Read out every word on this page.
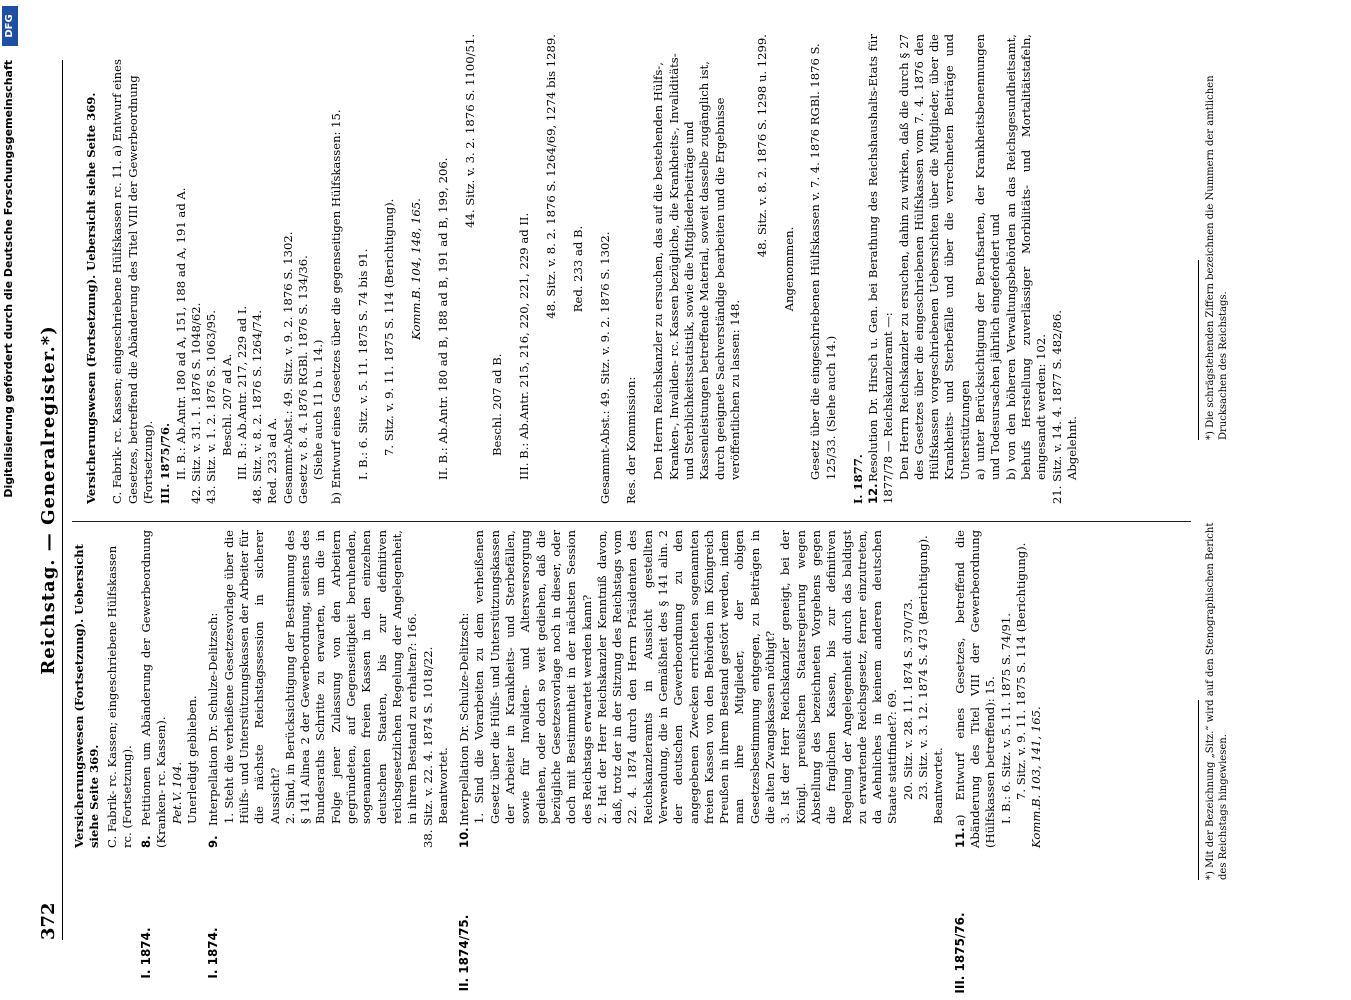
Digitalisierung gefördert durch die Deutsche Forschungsgemeinschaft
DFG
372
Reichstag. — Generalregister.*)

Versicherungswesen (Fortsetzung). Uebersicht siehe Seite 369. C. Fabrik- rc. Kassen; eingeschriebene Hülfskassen rc. (Fortsetzung).

I. 1874.

8.Petitionen um Abänderung der Gewerbeordnung (Kranken- rc. Kassen). Pet.V. 104. Unerledigt geblieben.

I. 1874.

9.Interpellation Dr. Schulze-Delitzsch: 1. Steht die verheißene Gesetzesvorlage über die Hülfs- und Unterstützungskassen der Arbeiter für die nächste Reichstagssession in sicherer Aussicht? 2. Sind, in Berücksichtigung der Bestimmung des § 141 Alinea 2 der Gewerbeordnung, seitens des Bundesraths Schritte zu erwarten, um die in Folge jener Zulassung von den Arbeitern gegründeten, auf Gegenseitigkeit beruhenden, sogenannten freien Kassen in den einzelnen deutschen Staaten, bis zur definitiven reichsgesetzlichen Regelung der Angelegenheit, in ihrem Bestand zu erhalten?: 166. 38. Sitz. v. 22. 4. 1874 S. 1018/22. Beantwortet.

II. 1874/75.

10.Interpellation Dr. Schulze-Delitzsch: 1. Sind die Vorarbeiten zu dem verheißenen Gesetz über die Hülfs- und Unterstützungskassen der Arbeiter in Krankheits- und Sterbefällen, sowie für Invaliden- und Altersversorgung gediehen, oder doch so weit gediehen, daß die bezügliche Gesetzesvorlage noch in dieser, oder doch mit Bestimmtheit in der nächsten Session des Reichstags erwartet werden kann? 2. Hat der Herr Reichskanzler Kenntniß davon, daß, trotz der in der Sitzung des Reichstags vom 22. 4. 1874 durch den Herrn Präsidenten des Reichskanzleramts in Aussicht gestellten Verwendung, die in Gemäßheit des § 141 alin. 2 der deutschen Gewerbeordnung zu den angegebenen Zwecken errichteten sogenannten freien Kassen von den Behörden im Königreich Preußen in ihrem Bestand gestört werden, indem man ihre Mitglieder, der obigen Gesetzesbestimmung entgegen, zu Beiträgen in die alten Zwangskassen nöthigt? 3. Ist der Herr Reichskanzler geneigt, bei der Königl. preußischen Staatsregierung wegen Abstellung des bezeichneten Vorgehens gegen die fraglichen Kassen, bis zur definitiven Regelung der Angelegenheit durch das baldigst zu erwartende Reichsgesetz, ferner einzutreten, da Aehnliches in keinem anderen deutschen Staate stattfindet?: 69. 20. Sitz. v. 28. 11. 1874 S. 370/73. 23. Sitz. v. 3. 12. 1874 S. 473 (Berichtigung). Beantwortet.

III. 1875/76.

11.a) Entwurf eines Gesetzes, betreffend die Abänderung des Titel VIII der Gewerbeordnung (Hülfskassen betreffend): 15. I. B.: 6. Sitz. v. 5. 11. 1875 S. 74/91. 7. Sitz. v. 9. 11. 1875 S. 114 (Berichtigung). Komm.B. 103, 141, 165.

Versicherungswesen (Fortsetzung). Uebersicht siehe Seite 369. C. Fabrik- rc. Kassen; eingeschriebene Hülfskassen rc. 11. a) Entwurf eines Gesetzes, betreffend die Abänderung des Titel VIII der Gewerbeordnung (Fortsetzung). III. 1875/76. II. B.: Ab.Antr. 180 ad A, 151, 188 ad A, 191 ad A. 42. Sitz. v. 31. 1. 1876 S. 1048/62. 43. Sitz. v. 1. 2. 1876 S. 1063/95. Beschl. 207 ad A. III. B.: Ab.Antr. 217, 229 ad I. 48. Sitz. v. 8. 2. 1876 S. 1264/74. Red. 233 ad A. Gesammt-Abst.: 49. Sitz. v. 9. 2. 1876 S. 1302. Gesetz v. 8. 4. 1876 RGBl. 1876 S. 134/36. (Siehe auch 11 b u. 14.) b) Entwurf eines Gesetzes über die gegenseitigen Hülfskassen: 15. I. B.: 6. Sitz. v. 5. 11. 1875 S. 74 bis 91. 7. Sitz. v. 9. 11. 1875 S. 114 (Berichtigung). Komm.B. 104, 148, 165. II. B.: Ab.Antr. 180 ad B, 188 ad B, 191 ad B, 199, 206.

44. Sitz. v. 3. 2. 1876 S. 1100/51.

Beschl. 207 ad B. III. B.: Ab.Antr. 215, 216, 220, 221, 229 ad II.

48. Sitz. v. 8. 2. 1876 S. 1264/69, 1274 bis 1289. Red. 233 ad B. Gesammt-Abst.: 49. Sitz. v. 9. 2. 1876 S. 1302. Res. der Kommission: Den Herrn Reichskanzler zu ersuchen, das auf die bestehenden Hülfs-, Kranken-, Invaliden- rc. Kassen bezügliche, die Krankheits-, Invaliditäts- und Sterblichkeitsstatistik, sowie die Mitgliederbeiträge und Kassenleistungen betreffende Material, soweit dasselbe zugänglich ist, durch geeignete Sachverständige bearbeiten und die Ergebnisse veröffentlichen zu lassen: 148.

48. Sitz. v. 8. 2. 1876 S. 1298 u. 1299.

Angenommen. Gesetz über die eingeschriebenen Hülfskassen v. 7. 4. 1876 RGBl. 1876 S. 125/33. (Siehe auch 14.) I. 1877. 12.Resolution Dr. Hirsch u. Gen. bei Berathung des Reichshaushalts-Etats für 1877/78 — Reichskanzleramt —: Den Herrn Reichskanzler zu ersuchen, dahin zu wirken, daß die durch § 27 des Gesetzes über die eingeschriebenen Hülfskassen vom 7. 4. 1876 den Hülfskassen vorgeschriebenen Uebersichten über die Mitglieder, über die Krankheits- und Sterbefälle und über die verrechneten Beiträge und Unterstützungen a) unter Berücksichtigung der Berufsarten, der Krankheitsbenennungen und Todesursachen jährlich eingefordert und b) von den höheren Verwaltungsbehörden an das Reichsgesundheitsamt, behufs Herstellung zuverlässiger Morbilitäts- und Mortalitätstafeln, eingesandt werden: 102. 21. Sitz. v. 14. 4. 1877 S. 482/86. Abgelehnt.

*) Mit der Bezeichnung „Sitz.“ wird auf den Stenographischen Bericht des Reichstags hingewiesen.

*) Die schrägstehenden Ziffern bezeichnen die Nummern der amtlichen Drucksachen des Reichstags.
